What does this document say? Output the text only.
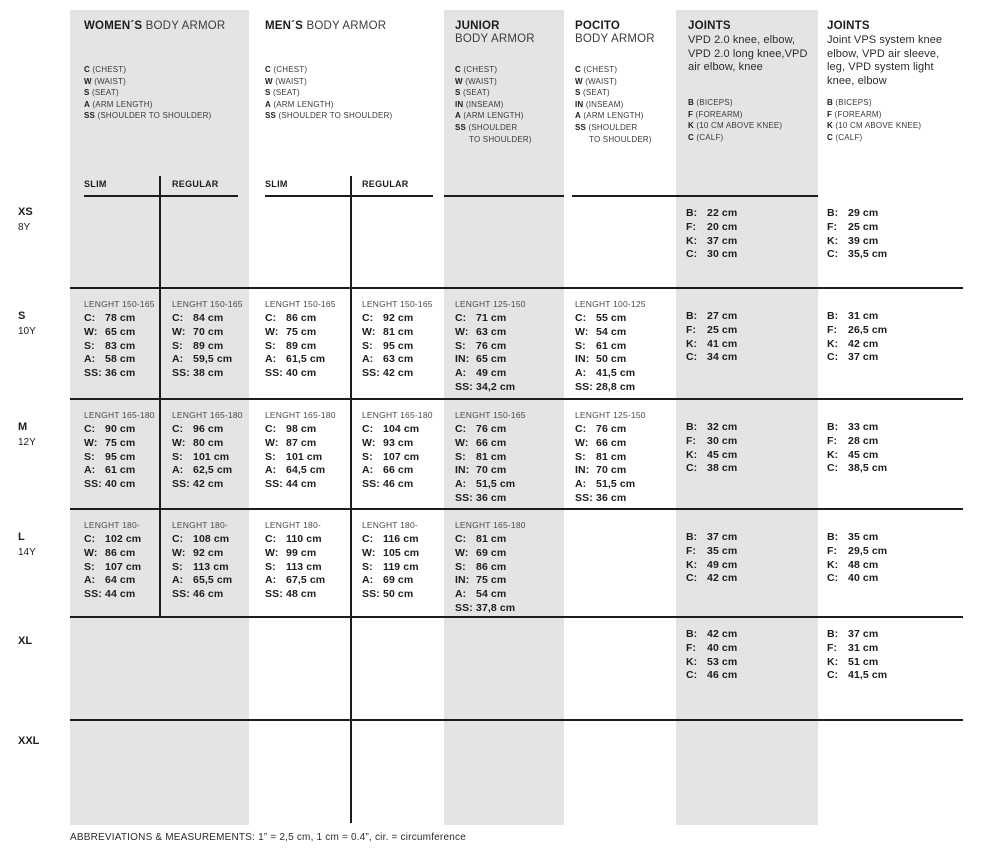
WOMEN´S BODY ARMOR
C (CHEST)
W (WAIST)
S (SEAT)
A (ARM LENGTH)
SS (SHOULDER TO SHOULDER)
SLIM	REGULAR
MEN´S BODY ARMOR
C (CHEST)
W (WAIST)
S (SEAT)
A (ARM LENGTH)
SS (SHOULDER TO SHOULDER)
SLIM	REGULAR
JUNIOR
BODY ARMOR
C (CHEST)
W (WAIST)
S (SEAT)
IN (INSEAM)
A (ARM LENGTH)
SS (SHOULDER
TO SHOULDER)
POCITO
BODY ARMOR
C (CHEST)
W (WAIST)
S (SEAT)
IN (INSEAM)
A (ARM LENGTH)
SS (SHOULDER
TO SHOULDER)
JOINTS
VPD 2.0 knee, elbow, VPD 2.0 long knee,VPD air elbow, knee
B (BICEPS)
F (FOREARM)
K (10 CM ABOVE KNEE)
C (CALF)
JOINTS
Joint VPS system knee elbow, VPD air sleeve, leg, VPD system light knee, elbow
B (BICEPS)
F (FOREARM)
K (10 CM ABOVE KNEE)
C (CALF)
XS
8Y
S
10Y
M
12Y
L
14Y
XL
XXL
B: 22 cm
F: 20 cm
K: 37 cm
C: 30 cm
B: 29 cm
F: 25 cm
K: 39 cm
C: 35,5 cm
LENGHT 150-165
C: 78 cm
W: 65 cm
S: 83 cm
A: 58 cm
SS: 36 cm
LENGHT 150-165
C: 84 cm
W: 70 cm
S: 89 cm
A: 59,5 cm
SS: 38 cm
LENGHT 150-165
C: 86 cm
W: 75 cm
S: 89 cm
A: 61,5 cm
SS: 40 cm
LENGHT 150-165
C: 92 cm
W: 81 cm
S: 95 cm
A: 63 cm
SS: 42 cm
LENGHT 125-150
C: 71 cm
W: 63 cm
S: 76 cm
IN: 65 cm
A: 49 cm
SS: 34,2 cm
LENGHT 100-125
C: 55 cm
W: 54 cm
S: 61 cm
IN: 50 cm
A: 41,5 cm
SS: 28,8 cm
B: 27 cm
F: 25 cm
K: 41 cm
C: 34 cm
B: 31 cm
F: 26,5 cm
K: 42 cm
C: 37 cm
LENGHT 165-180
C: 90 cm
W: 75 cm
S: 95 cm
A: 61 cm
SS: 40 cm
LENGHT 165-180
C: 96 cm
W: 80 cm
S: 101 cm
A: 62,5 cm
SS: 42 cm
LENGHT 165-180
C: 98 cm
W: 87 cm
S: 101 cm
A: 64,5 cm
SS: 44 cm
LENGHT 165-180
C: 104 cm
W: 93 cm
S: 107 cm
A: 66 cm
SS: 46 cm
LENGHT 150-165
C: 76 cm
W: 66 cm
S: 81 cm
IN: 70 cm
A: 51,5 cm
SS: 36 cm
LENGHT 125-150
C: 76 cm
W: 66 cm
S: 81 cm
IN: 70 cm
A: 51,5 cm
SS: 36 cm
B: 32 cm
F: 30 cm
K: 45 cm
C: 38 cm
B: 33 cm
F: 28 cm
K: 45 cm
C: 38,5 cm
LENGHT 180-
C: 102 cm
W: 86 cm
S: 107 cm
A: 64 cm
SS: 44 cm
LENGHT 180-
C: 108 cm
W: 92 cm
S: 113 cm
A: 65,5 cm
SS: 46 cm
LENGHT 180-
C: 110 cm
W: 99 cm
S: 113 cm
A: 67,5 cm
SS: 48 cm
LENGHT 180-
C: 116 cm
W: 105 cm
S: 119 cm
A: 69 cm
SS: 50 cm
LENGHT 165-180
C: 81 cm
W: 69 cm
S: 86 cm
IN: 75 cm
A: 54 cm
SS: 37,8 cm
B: 37 cm
F: 35 cm
K: 49 cm
C: 42 cm
B: 35 cm
F: 29,5 cm
K: 48 cm
C: 40 cm
B: 42 cm
F: 40 cm
K: 53 cm
C: 46 cm
B: 37 cm
F: 31 cm
K: 51 cm
C: 41,5 cm
ABBREVIATIONS & MEASUREMENTS: 1” = 2,5 cm, 1 cm = 0.4”, cir. = circumference
